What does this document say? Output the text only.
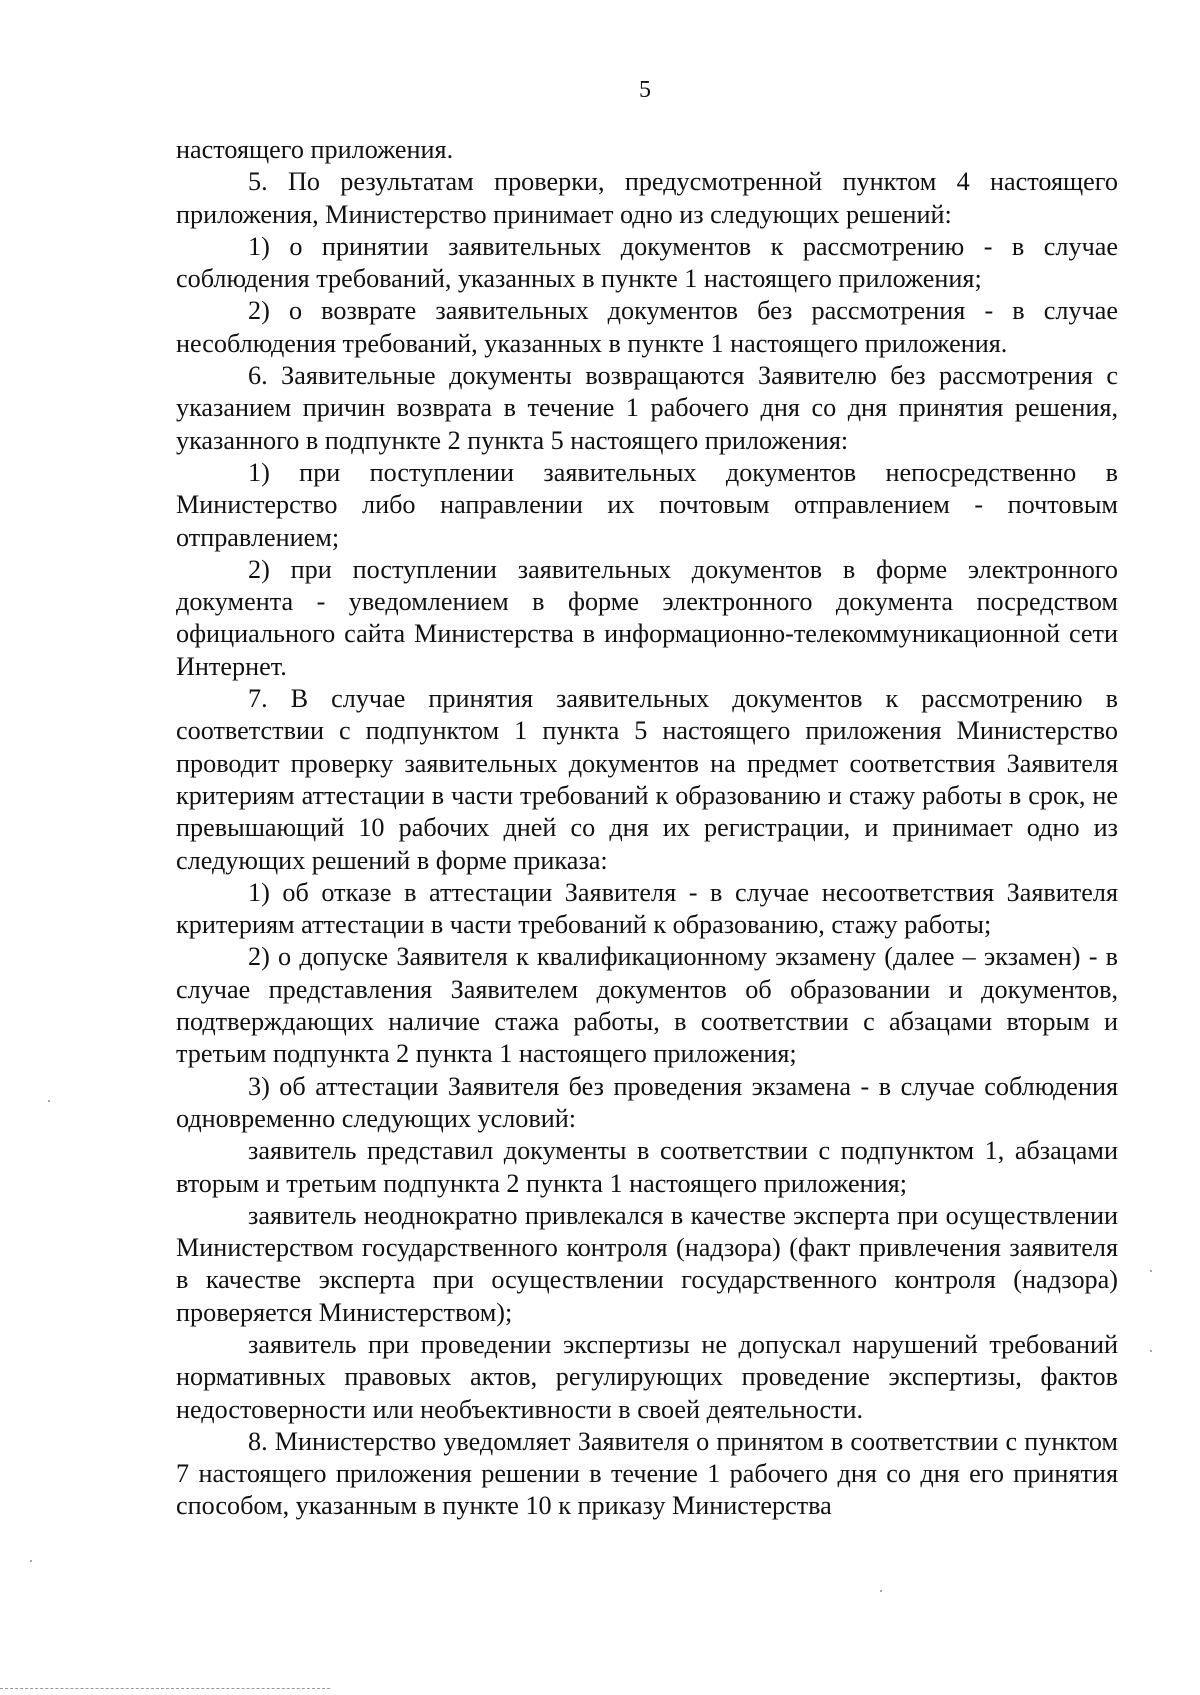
5

настоящего приложения.

5. По результатам проверки, предусмотренной пунктом 4 настоящего приложения, Министерство принимает одно из следующих решений:

1) о принятии заявительных документов к рассмотрению - в случае соблюдения требований, указанных в пункте 1 настоящего приложения;

2) о возврате заявительных документов без рассмотрения - в случае несоблюдения требований, указанных в пункте 1 настоящего приложения.

6. Заявительные документы возвращаются Заявителю без рассмотрения с указанием причин возврата в течение 1 рабочего дня со дня принятия решения, указанного в подпункте 2 пункта 5 настоящего приложения:

1) при поступлении заявительных документов непосредственно в Министерство либо направлении их почтовым отправлением - почтовым отправлением;

2) при поступлении заявительных документов в форме электронного документа - уведомлением в форме электронного документа посредством официального сайта Министерства в информационно-телекоммуникационной сети Интернет.

7. В случае принятия заявительных документов к рассмотрению в соответствии с подпунктом 1 пункта 5 настоящего приложения Министерство проводит проверку заявительных документов на предмет соответствия Заявителя критериям аттестации в части требований к образованию и стажу работы в срок, не превышающий 10 рабочих дней со дня их регистрации, и принимает одно из следующих решений в форме приказа:

1) об отказе в аттестации Заявителя - в случае несоответствия Заявителя критериям аттестации в части требований к образованию, стажу работы;

2) о допуске Заявителя к квалификационному экзамену (далее – экзамен) - в случае представления Заявителем документов об образовании и документов, подтверждающих наличие стажа работы, в соответствии с абзацами вторым и третьим подпункта 2 пункта 1 настоящего приложения;

3) об аттестации Заявителя без проведения экзамена - в случае соблюдения одновременно следующих условий:

заявитель представил документы в соответствии с подпунктом 1, абзацами вторым и третьим подпункта 2 пункта 1 настоящего приложения;

заявитель неоднократно привлекался в качестве эксперта при осуществлении Министерством государственного контроля (надзора) (факт привлечения заявителя в качестве эксперта при осуществлении государственного контроля (надзора) проверяется Министерством);

заявитель при проведении экспертизы не допускал нарушений требований нормативных правовых актов, регулирующих проведение экспертизы, фактов недостоверности или необъективности в своей деятельности.

8. Министерство уведомляет Заявителя о принятом в соответствии с пунктом 7 настоящего приложения решении в течение 1 рабочего дня со дня его принятия способом, указанным в пункте 10 к приказу Министерства
